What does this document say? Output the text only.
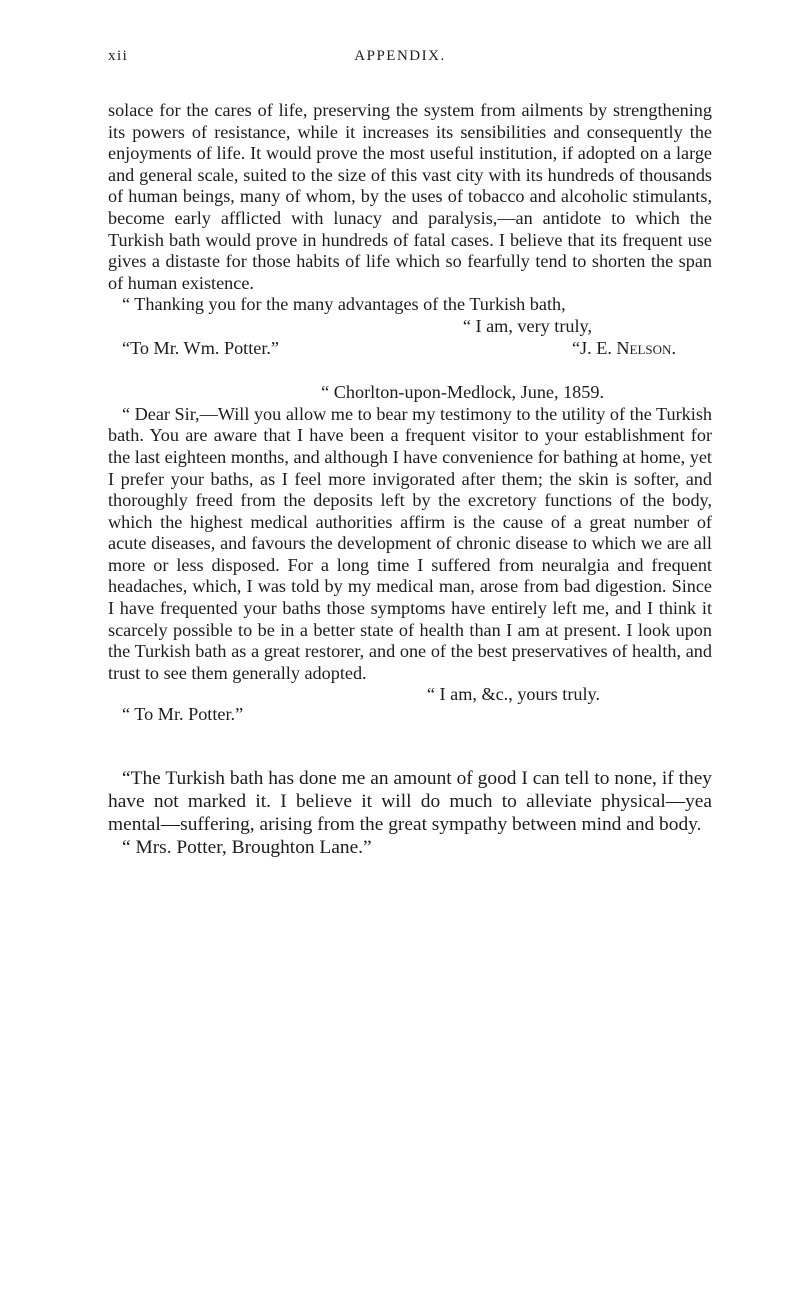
xii	APPENDIX.

solace for the cares of life, preserving the system from ailments by strengthening its powers of resistance, while it increases its sensibilities and consequently the enjoyments of life. It would prove the most useful institution, if adopted on a large and general scale, suited to the size of this vast city with its hundreds of thousands of human beings, many of whom, by the uses of tobacco and alcoholic stimulants, become early afflicted with lunacy and paralysis,—an antidote to which the Turkish bath would prove in hundreds of fatal cases. I believe that its frequent use gives a distaste for those habits of life which so fearfully tend to shorten the span of human existence.

“ Thanking you for the many advantages of the Turkish bath,

“ I am, very truly,

“To Mr. Wm. Potter.”	“J. E. Nelson.

“ Chorlton-upon-Medlock, June, 1859.

“ Dear Sir,—Will you allow me to bear my testimony to the utility of the Turkish bath. You are aware that I have been a frequent visitor to your establishment for the last eighteen months, and although I have convenience for bathing at home, yet I prefer your baths, as I feel more invigorated after them; the skin is softer, and thoroughly freed from the deposits left by the excretory functions of the body, which the highest medical authorities affirm is the cause of a great number of acute diseases, and favours the development of chronic disease to which we are all more or less disposed. For a long time I suffered from neuralgia and frequent headaches, which, I was told by my medical man, arose from bad digestion. Since I have frequented your baths those symptoms have entirely left me, and I think it scarcely possible to be in a better state of health than I am at present. I look upon the Turkish bath as a great restorer, and one of the best preservatives of health, and trust to see them generally adopted.

“ I am, &c., yours truly.

“ To Mr. Potter.”

“The Turkish bath has done me an amount of good I can tell to none, if they have not marked it. I believe it will do much to alleviate physical—yea mental—suffering, arising from the great sympathy between mind and body.

“ Mrs. Potter, Broughton Lane.”
